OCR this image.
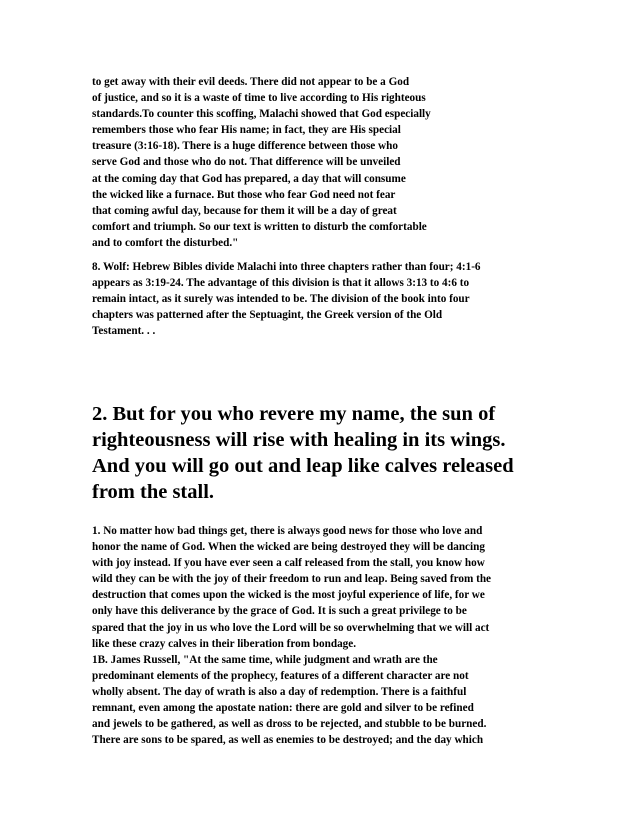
to get away with their evil deeds. There did not appear to be a God
of justice, and so it is a waste of time to live according to His righteous
standards.To counter this scoffing, Malachi showed that God especially
remembers those who fear His name; in fact, they are His special
treasure (3:16-18). There is a huge difference between those who
serve God and those who do not. That difference will be unveiled
at the coming day that God has prepared, a day that will consume
the wicked like a furnace. But those who fear God need not fear
that coming awful day, because for them it will be a day of great
comfort and triumph. So our text is written to disturb the comfortable
and to comfort the disturbed."
8. Wolf: Hebrew Bibles divide Malachi into three chapters rather than four; 4:1-6
appears as 3:19-24. The advantage of this division is that it allows 3:13 to 4:6 to
remain intact, as it surely was intended to be. The division of the book into four
chapters was patterned after the Septuagint, the Greek version of the Old
Testament. . .
2. But for you who revere my name, the sun of
righteousness will rise with healing in its wings.
And you will go out and leap like calves released
from the stall.
1. No matter how bad things get, there is always good news for those who love and
honor the name of God. When the wicked are being destroyed they will be dancing
with joy instead. If you have ever seen a calf released from the stall, you know how
wild they can be with the joy of their freedom to run and leap. Being saved from the
destruction that comes upon the wicked is the most joyful experience of life, for we
only have this deliverance by the grace of God. It is such a great privilege to be
spared that the joy in us who love the Lord will be so overwhelming that we will act
like these crazy calves in their liberation from bondage.
1B. James Russell, "At the same time, while judgment and wrath are the
predominant elements of the prophecy, features of a different character are not
wholly absent. The day of wrath is also a day of redemption. There is a faithful
remnant, even among the apostate nation: there are gold and silver to be refined
and jewels to be gathered, as well as dross to be rejected, and stubble to be burned.
There are sons to be spared, as well as enemies to be destroyed; and the day which
